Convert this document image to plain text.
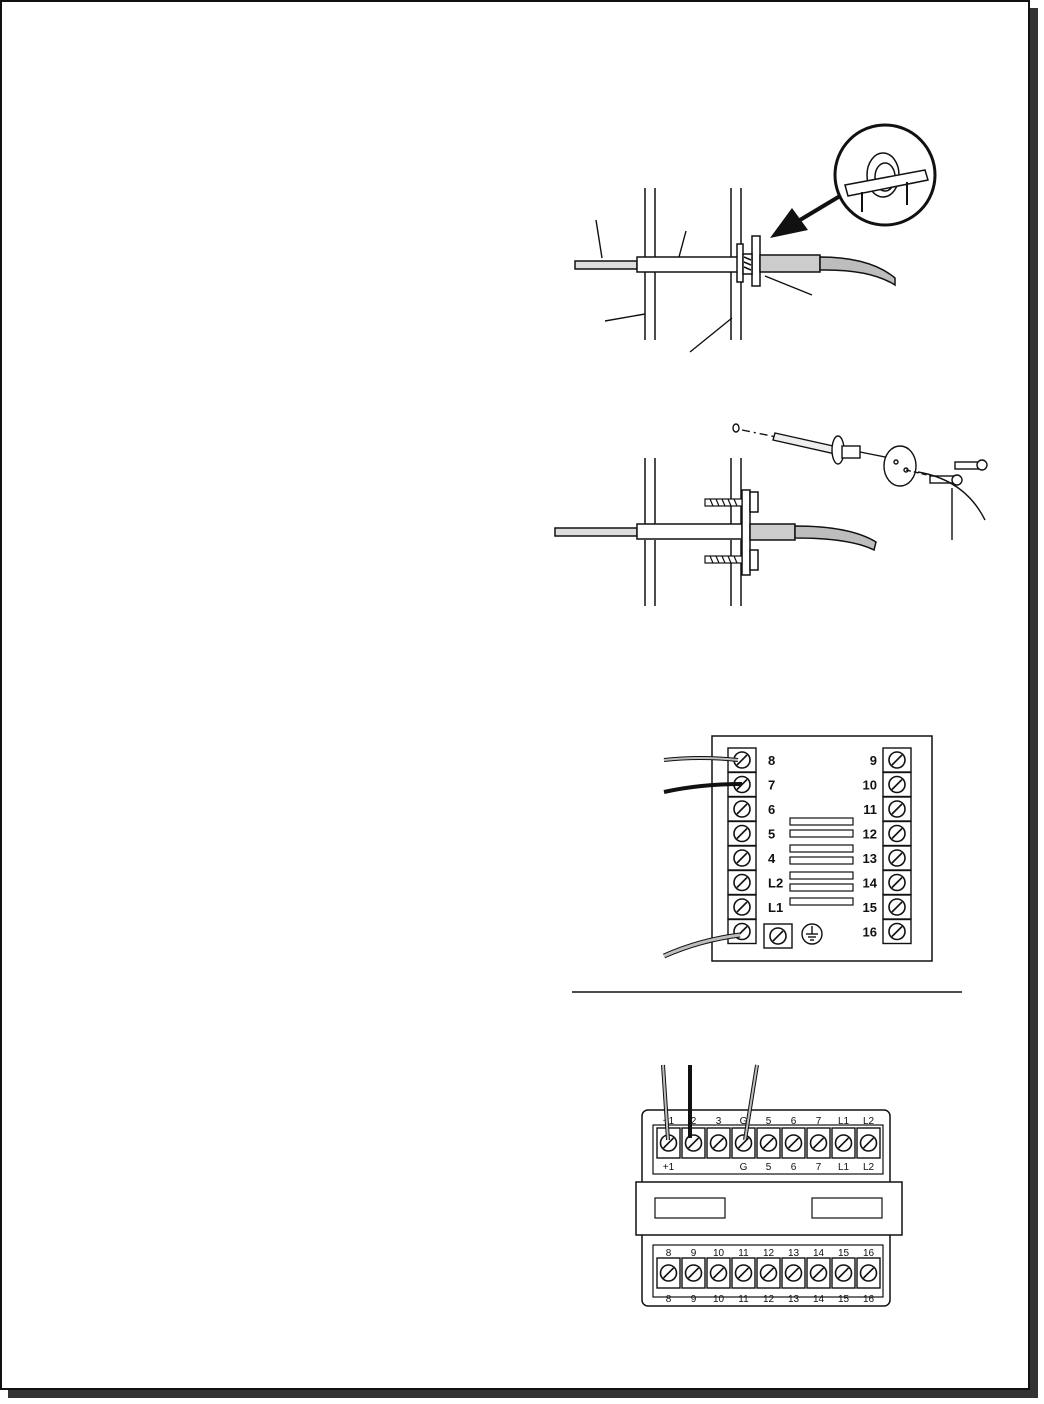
8
7
6
5
4
L2
L1
9
10
11
12
13
14
15
16
+1
+1
2 3 G
G
5
5
6
6
7
7
L1
L1
L2
L2
8
8
9
9
10
10
11
11
12
12
13
13
14
14
15
15
16
16
